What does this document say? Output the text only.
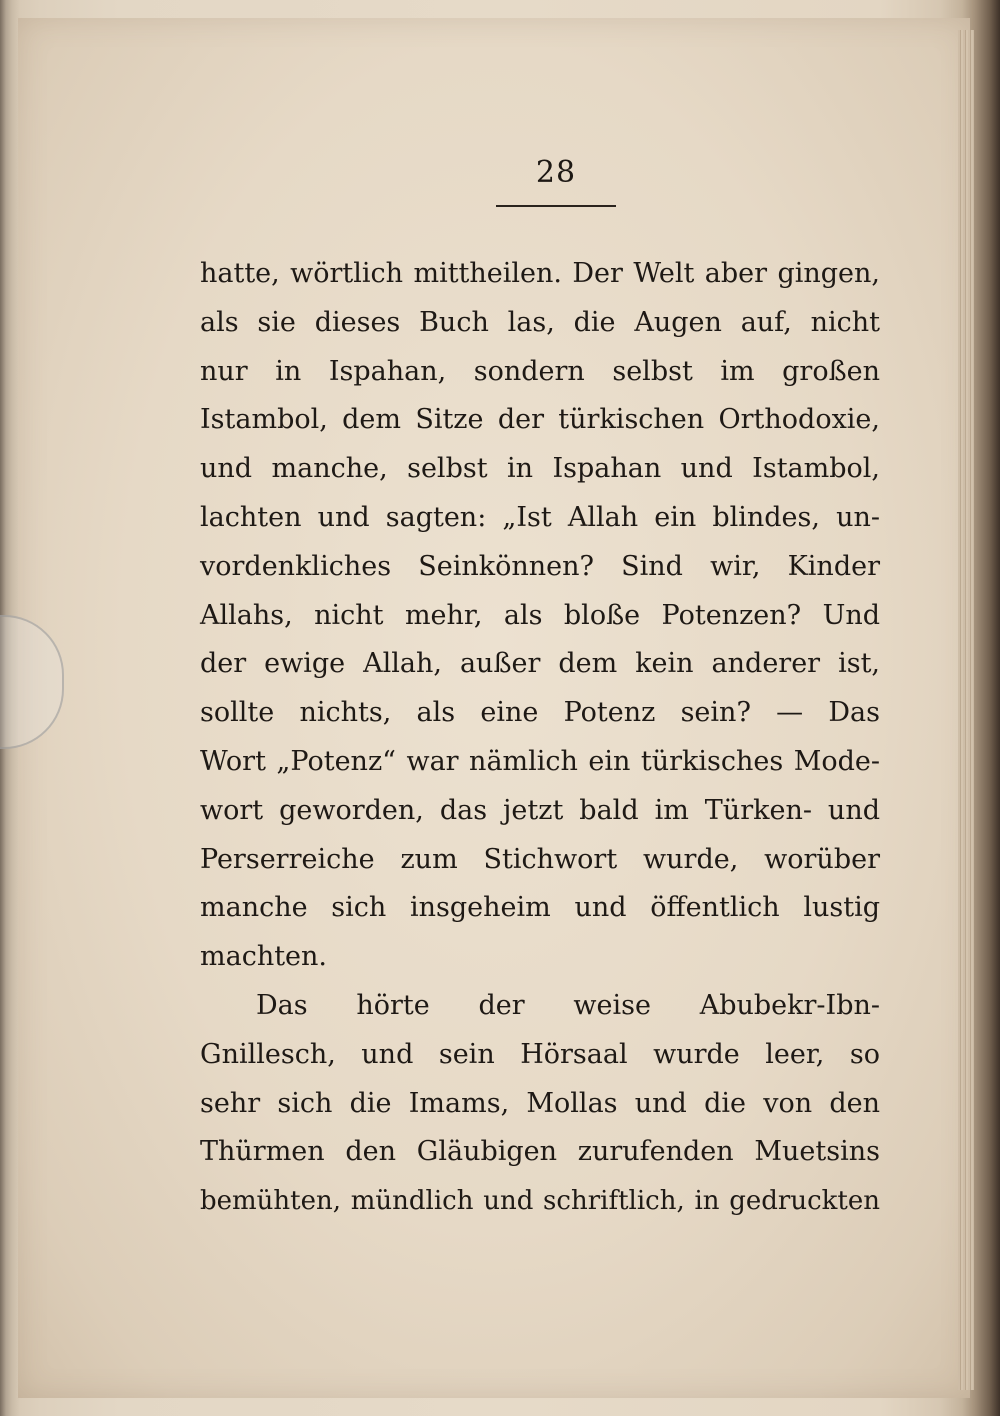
28
hatte, wörtlich mittheilen. Der Welt aber gingen,
als sie dieses Buch las, die Augen auf, nicht
nur in Ispahan, sondern selbst im großen
Istambol, dem Sitze der türkischen Orthodoxie,
und manche, selbst in Ispahan und Istambol,
lachten und sagten: „Ist Allah ein blindes, un-
vordenkliches Seinkönnen? Sind wir, Kinder
Allahs, nicht mehr, als bloße Potenzen? Und
der ewige Allah, außer dem kein anderer ist,
sollte nichts, als eine Potenz sein? — Das
Wort „Potenz“ war nämlich ein türkisches Mode-
wort geworden, das jetzt bald im Türken- und
Perserreiche zum Stichwort wurde, worüber
manche sich insgeheim und öffentlich lustig
machten.
Das hörte der weise Abubekr-Ibn-
Gnillesch, und sein Hörsaal wurde leer, so
sehr sich die Imams, Mollas und die von den
Thürmen den Gläubigen zurufenden Muetsins
bemühten, mündlich und schriftlich, in gedruckten
